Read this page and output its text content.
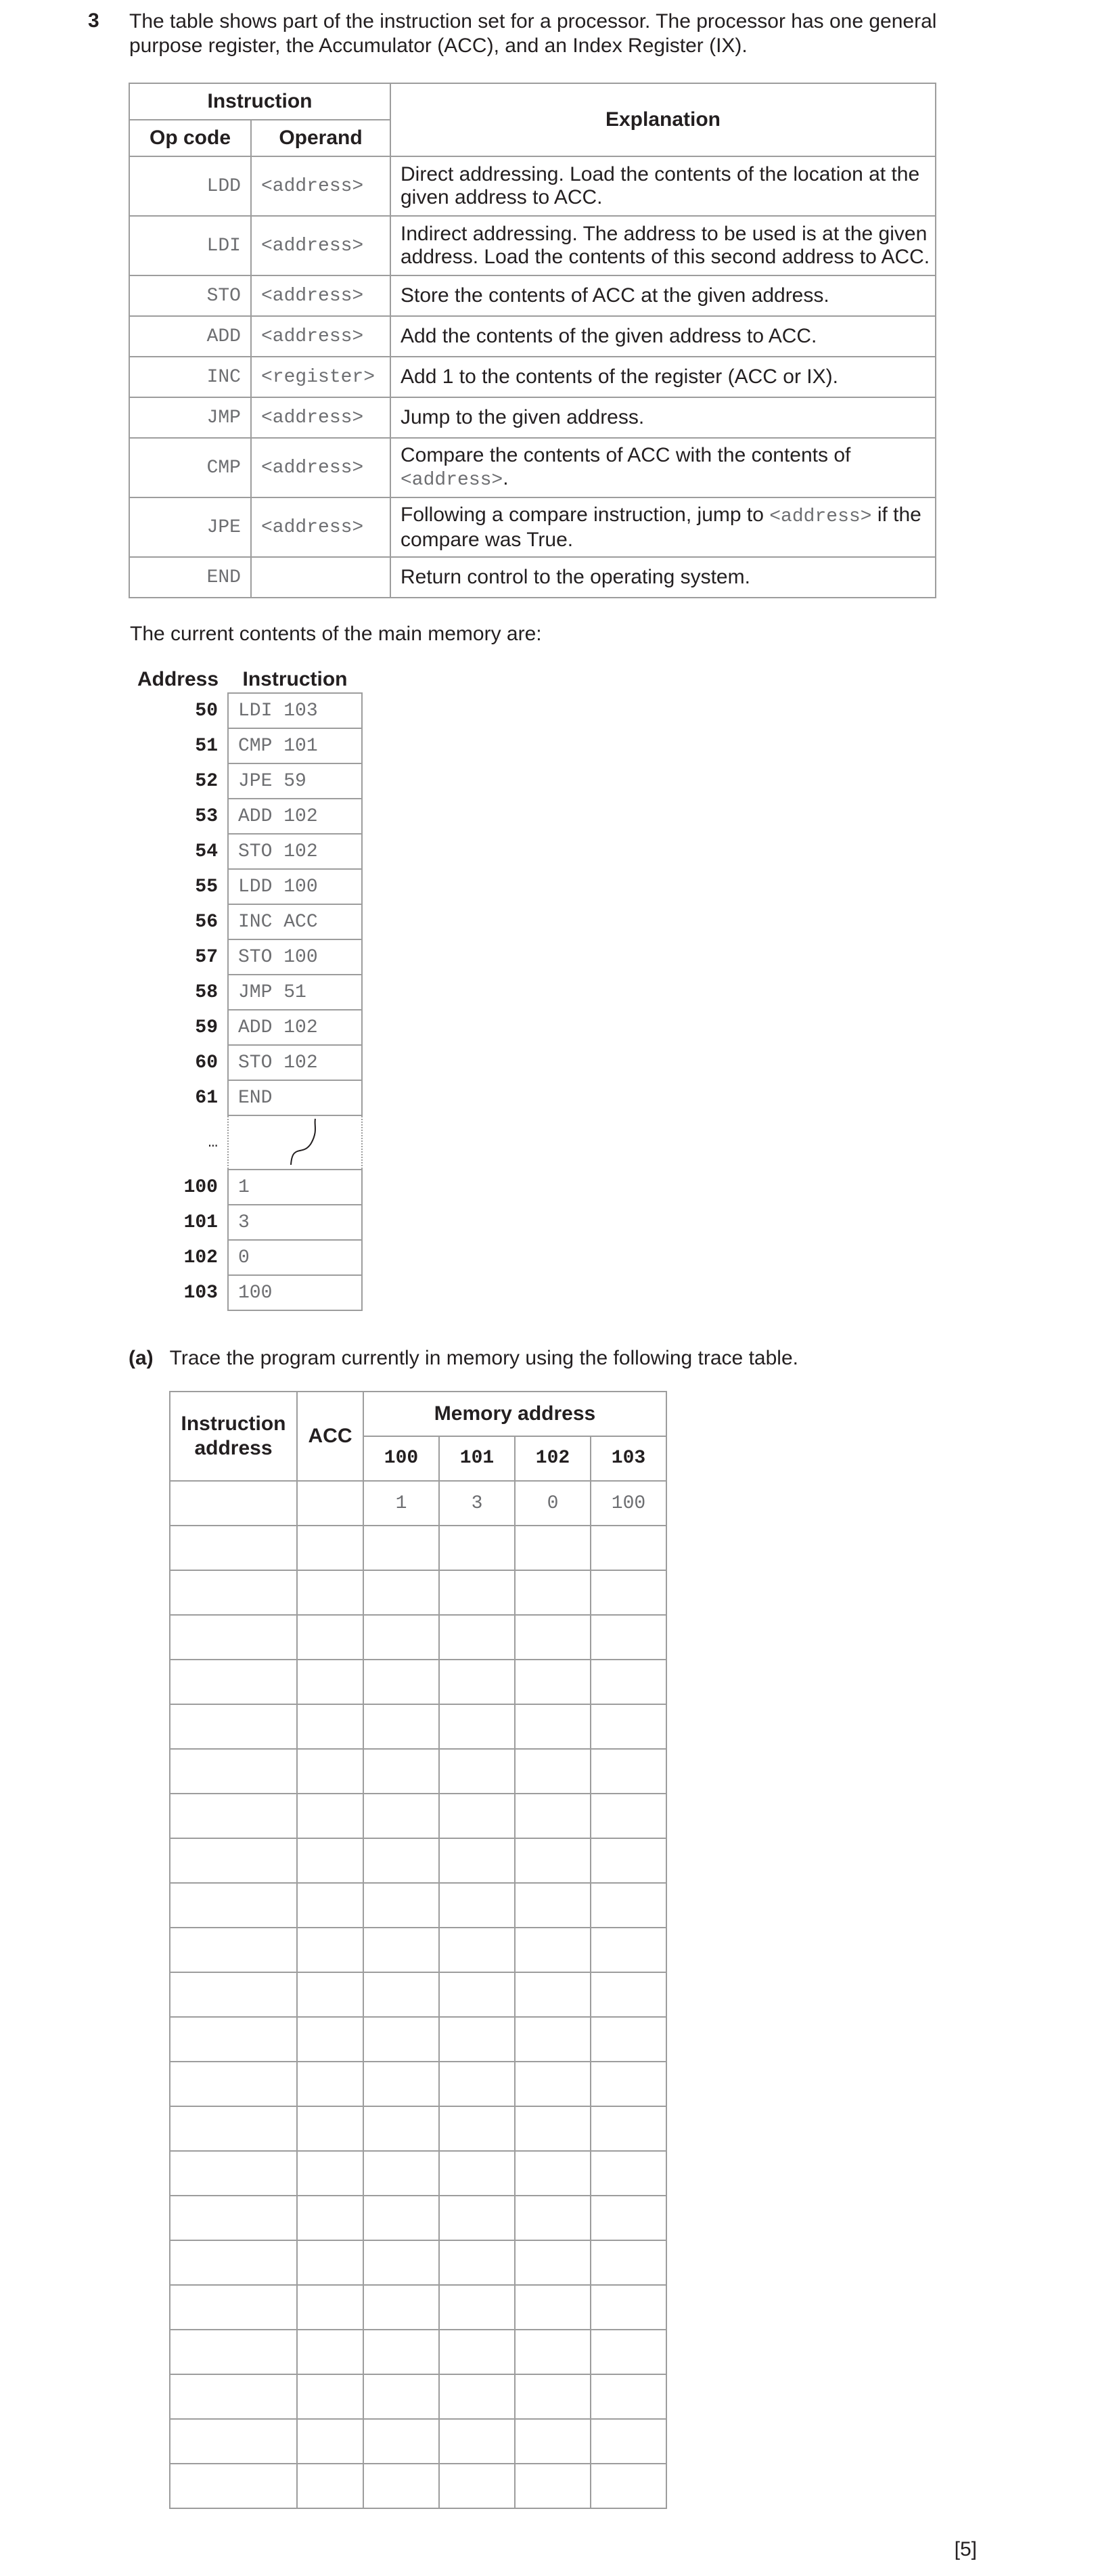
3 The table shows part of the instruction set for a processor. The processor has one general purpose register, the Accumulator (ACC), and an Index Register (IX).
Instruction		Explanation
Op code	Operand	
LDD	<address>	Direct addressing. Load the contents of the location at the given address to ACC.
LDI	<address>	Indirect addressing. The address to be used is at the given address. Load the contents of this second address to ACC.
STO	<address>	Store the contents of ACC at the given address.
ADD	<address>	Add the contents of the given address to ACC.
INC	<register>	Add 1 to the contents of the register (ACC or IX).
JMP	<address>	Jump to the given address.
CMP	<address>	Compare the contents of ACC with the contents of <address>.
JPE	<address>	Following a compare instruction, jump to <address> if the compare was True.
END		Return control to the operating system.
The current contents of the main memory are:
Address	Instruction
50	LDI 103
51	CMP 101
52	JPE 59
53	ADD 102
54	STO 102
55	LDD 100
56	INC ACC
57	STO 100
58	JMP 51
59	ADD 102
60	STO 102
61	END
…	

100	1
101	3
102	0
103	100
(a) Trace the program currently in memory using the following trace table.
Instruction address	ACC	Memory address			
		100	101	102	103
		1	3	0	100

[5]
